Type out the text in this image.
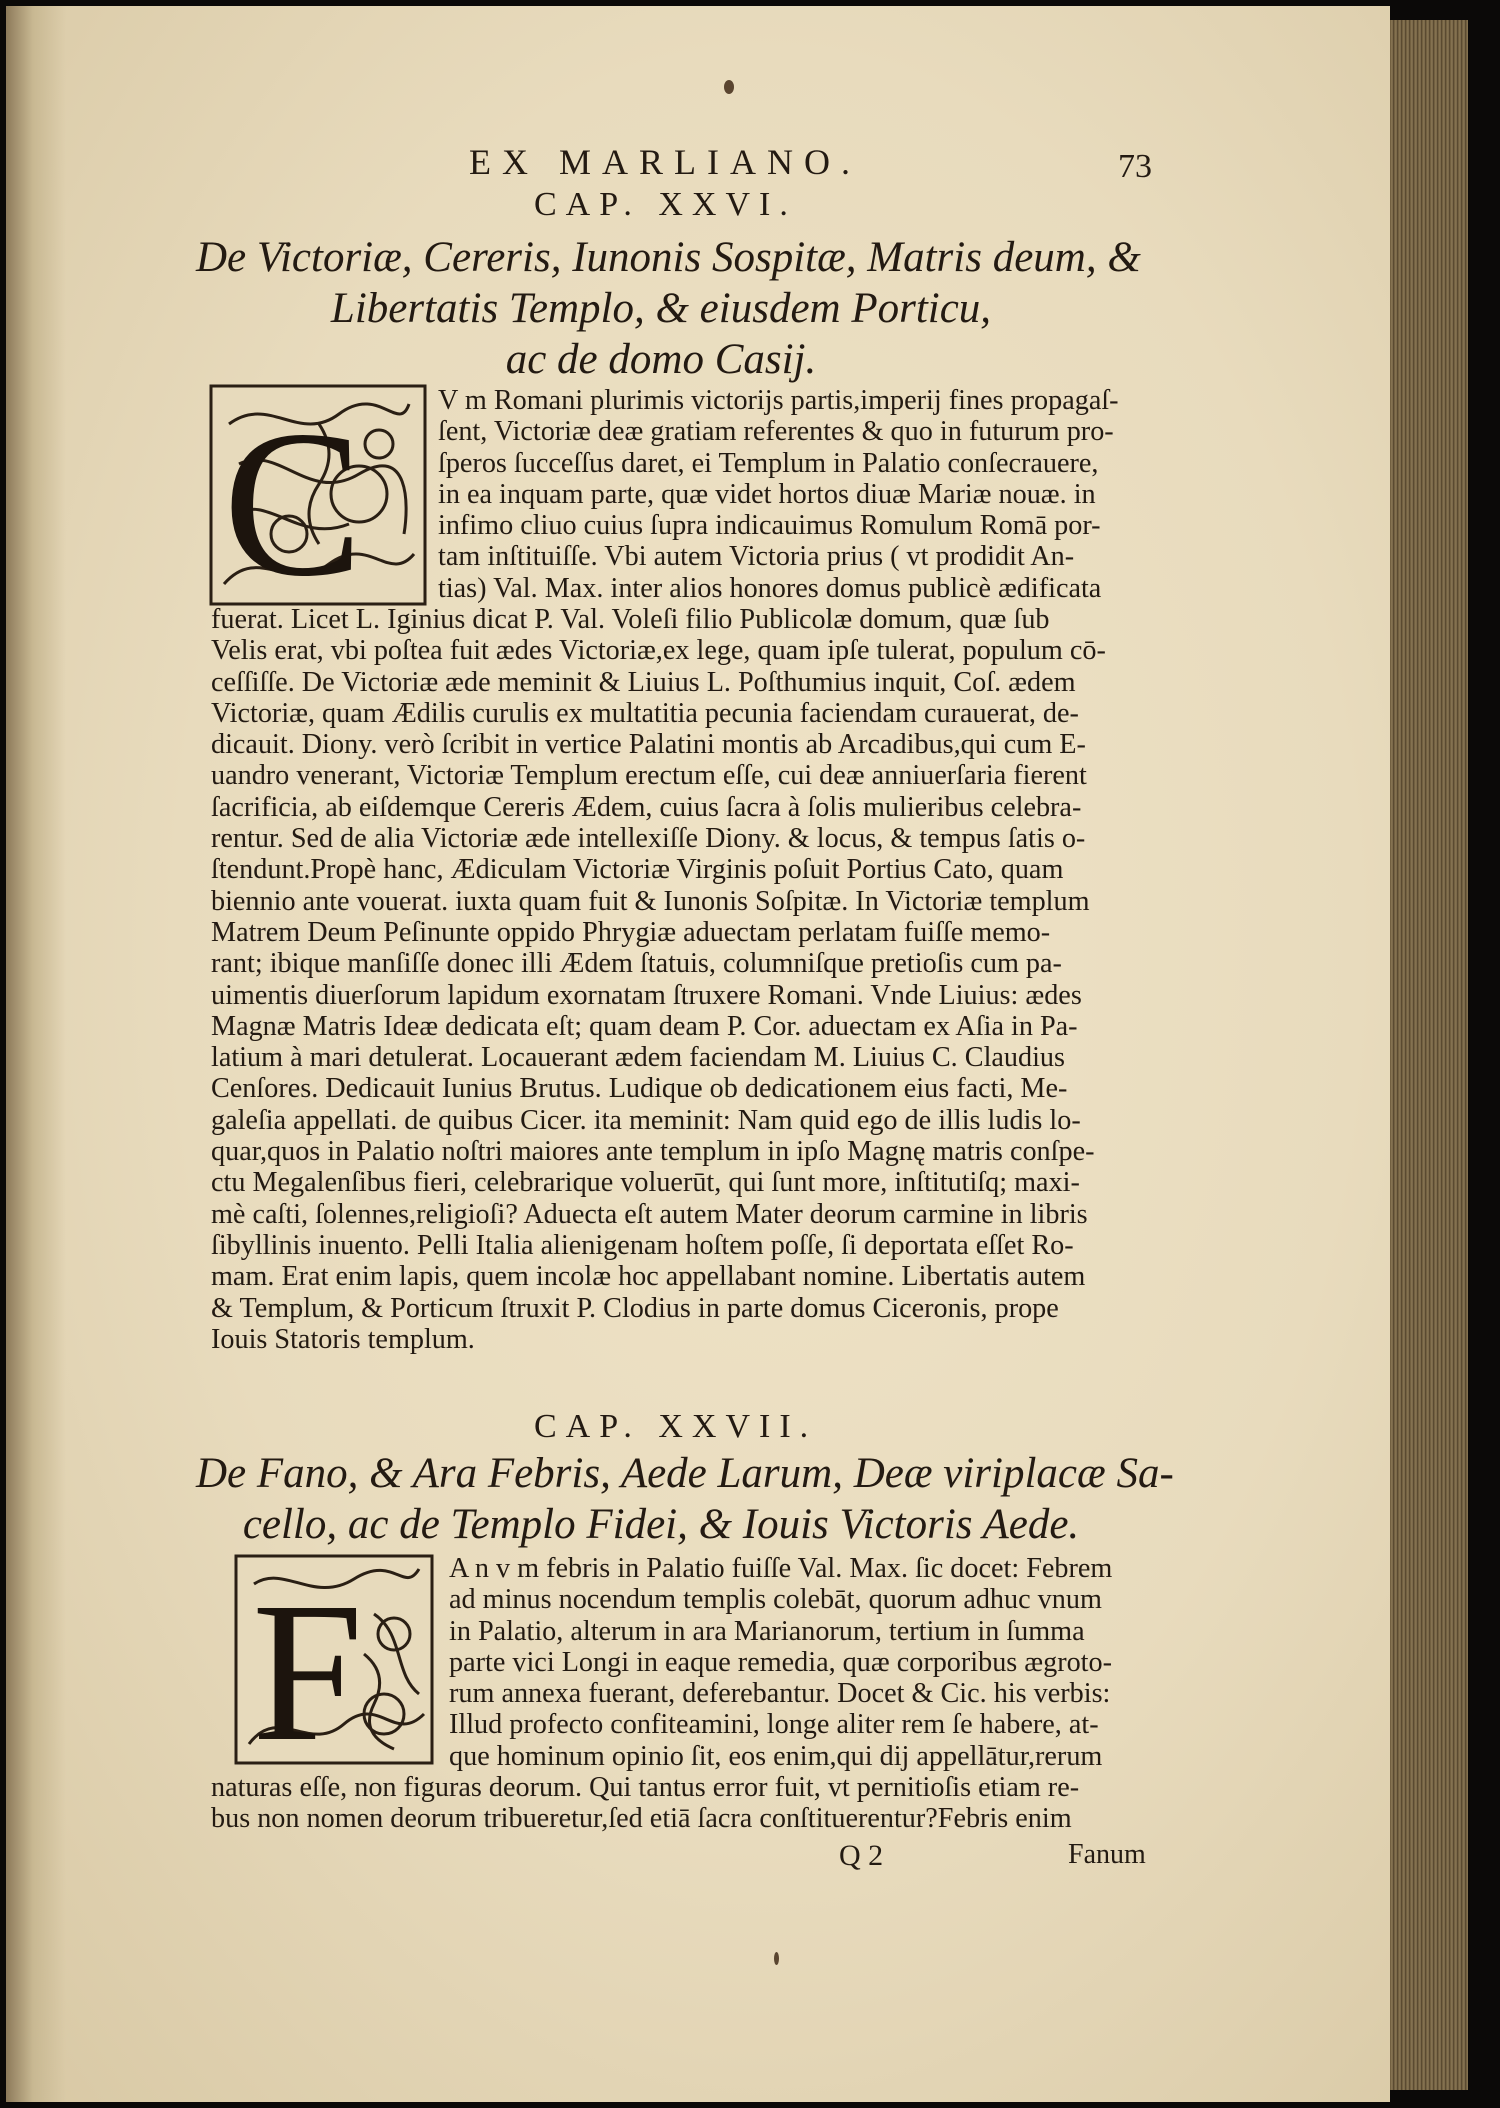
EX MARLIANO.	73
CAP. XXVI.
De Victoriæ, Cereris, Iunonis Sospitæ, Matris deum, &
Libertatis Templo, & eiusdem Porticu,
ac de domo Casij.
C	V m Romani plurimis victorijs partis,imperij fines propagaſ-
ſent, Victoriæ deæ gratiam referentes & quo in futurum pro-
ſperos ſucceſſus daret, ei Templum in Palatio conſecrauere,
in ea inquam parte, quæ videt hortos diuæ Mariæ nouæ. in
infimo cliuo cuius ſupra indicauimus Romulum Romā por-
tam inſtituiſſe. Vbi autem Victoria prius ( vt prodidit An-
tias) Val. Max. inter alios honores domus publicè ædificata
fuerat. Licet L. Iginius dicat P. Val. Voleſi filio Publicolæ domum, quæ ſub
Velis erat, vbi poſtea fuit ædes Victoriæ,ex lege, quam ipſe tulerat, populum cō-
ceſſiſſe. De Victoriæ æde meminit & Liuius L. Poſthumius inquit, Coſ. ædem
Victoriæ, quam Ædilis curulis ex multatitia pecunia faciendam curauerat, de-
dicauit. Diony. verò ſcribit in vertice Palatini montis ab Arcadibus,qui cum E-
uandro venerant, Victoriæ Templum erectum eſſe, cui deæ anniuerſaria fierent
ſacrificia, ab eiſdemque Cereris Ædem, cuius ſacra à ſolis mulieribus celebra-
rentur. Sed de alia Victoriæ æde intellexiſſe Diony. & locus, & tempus ſatis o-
ſtendunt.Propè hanc, Ædiculam Victoriæ Virginis poſuit Portius Cato, quam
biennio ante vouerat. iuxta quam fuit & Iunonis Soſpitæ. In Victoriæ templum
Matrem Deum Peſinunte oppido Phrygiæ aduectam perlatam fuiſſe memo-
rant; ibique manſiſſe donec illi Ædem ſtatuis, columniſque pretioſis cum pa-
uimentis diuerſorum lapidum exornatam ſtruxere Romani. Vnde Liuius: ædes
Magnæ Matris Ideæ dedicata eſt; quam deam P. Cor. aduectam ex Aſia in Pa-
latium à mari detulerat. Locauerant ædem faciendam M. Liuius C. Claudius
Cenſores. Dedicauit Iunius Brutus. Ludique ob dedicationem eius facti, Me-
galeſia appellati. de quibus Cicer. ita meminit: Nam quid ego de illis ludis lo-
quar,quos in Palatio noſtri maiores ante templum in ipſo Magnę matris conſpe-
ctu Megalenſibus fieri, celebrarique voluerūt, qui ſunt more, inſtitutiſq; maxi-
mè caſti, ſolennes,religioſi? Aduecta eſt autem Mater deorum carmine in libris
ſibyllinis inuento. Pelli Italia alienigenam hoſtem poſſe, ſi deportata eſſet Ro-
mam. Erat enim lapis, quem incolæ hoc appellabant nomine. Libertatis autem
& Templum, & Porticum ſtruxit P. Clodius in parte domus Ciceronis, prope
Iouis Statoris templum.
CAP. XXVII.
De Fano, & Ara Febris, Aede Larum, Deæ viriplacæ Sa-
cello, ac de Templo Fidei, & Iouis Victoris Aede.
F	A n v m febris in Palatio fuiſſe Val. Max. ſic docet: Febrem
ad minus nocendum templis colebāt, quorum adhuc vnum
in Palatio, alterum in ara Marianorum, tertium in ſumma
parte vici Longi in eaque remedia, quæ corporibus ægroto-
rum annexa fuerant, deferebantur. Docet & Cic. his verbis:
Illud profecto confiteamini, longe aliter rem ſe habere, at-
que hominum opinio ſit, eos enim,qui dij appellātur,rerum
naturas eſſe, non figuras deorum. Qui tantus error fuit, vt pernitioſis etiam re-
bus non nomen deorum tribueretur,ſed etiā ſacra conſtituerentur?Febris enim
Q 2	Fanum
